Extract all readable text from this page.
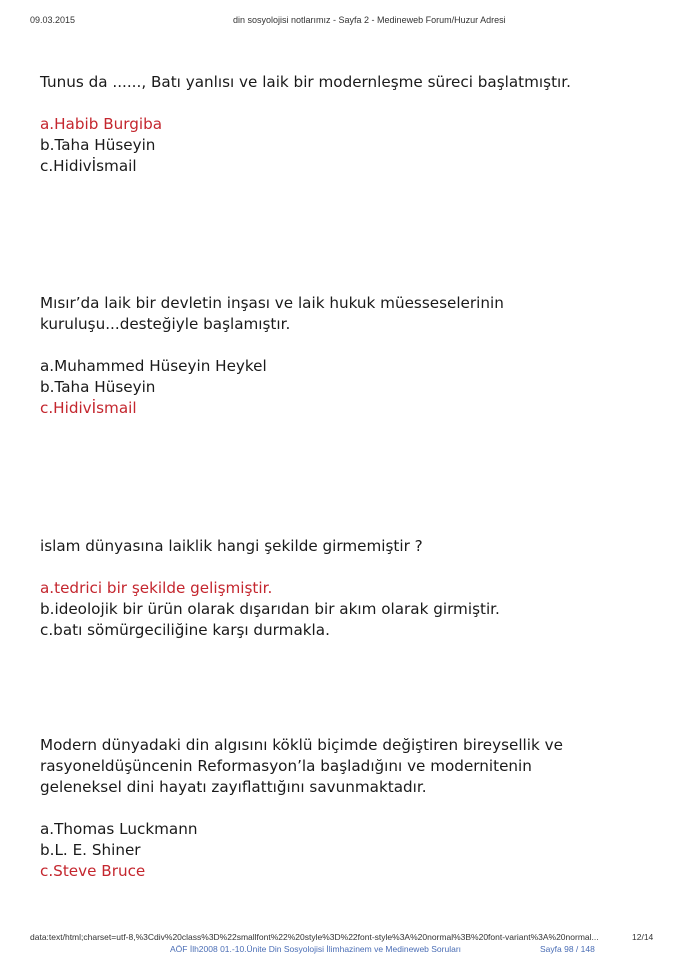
09.03.2015	din sosyolojisi notlarımız - Sayfa 2 - Medineweb Forum/Huzur Adresi

Tunus da ......, Batı yanlısı ve laik bir modernleşme süreci başlatmıştır.

a.Habib Burgiba
b.Taha Hüseyin
c.Hidivİsmail

Mısır’da laik bir devletin inşası ve laik hukuk müesseselerinin

kuruluşu...desteğiyle başlamıştır.

a.Muhammed Hüseyin Heykel
b.Taha Hüseyin
c.Hidivİsmail

islam dünyasına laiklik hangi şekilde girmemiştir ?

a.tedrici bir şekilde gelişmiştir.
b.ideolojik bir ürün olarak dışarıdan bir akım olarak girmiştir.
c.batı sömürgeciliğine karşı durmakla.

Modern dünyadaki din algısını köklü biçimde değiştiren bireysellik ve

rasyoneldüşüncenin Reformasyon’la başladığını ve modernitenin

geleneksel dini hayatı zayıflattığını savunmaktadır.

a.Thomas Luckmann
b.L. E. Shiner
c.Steve Bruce
data:text/html;charset=utf-8,%3Cdiv%20class%3D%22smallfont%22%20style%3D%22font-style%3A%20normal%3B%20font-variant%3A%20normal...	12/14
AÖF İlh2008 01.-10.Ünite Din Sosyolojisi İlimhazinem ve Medineweb Soruları	Sayfa 98 / 148
